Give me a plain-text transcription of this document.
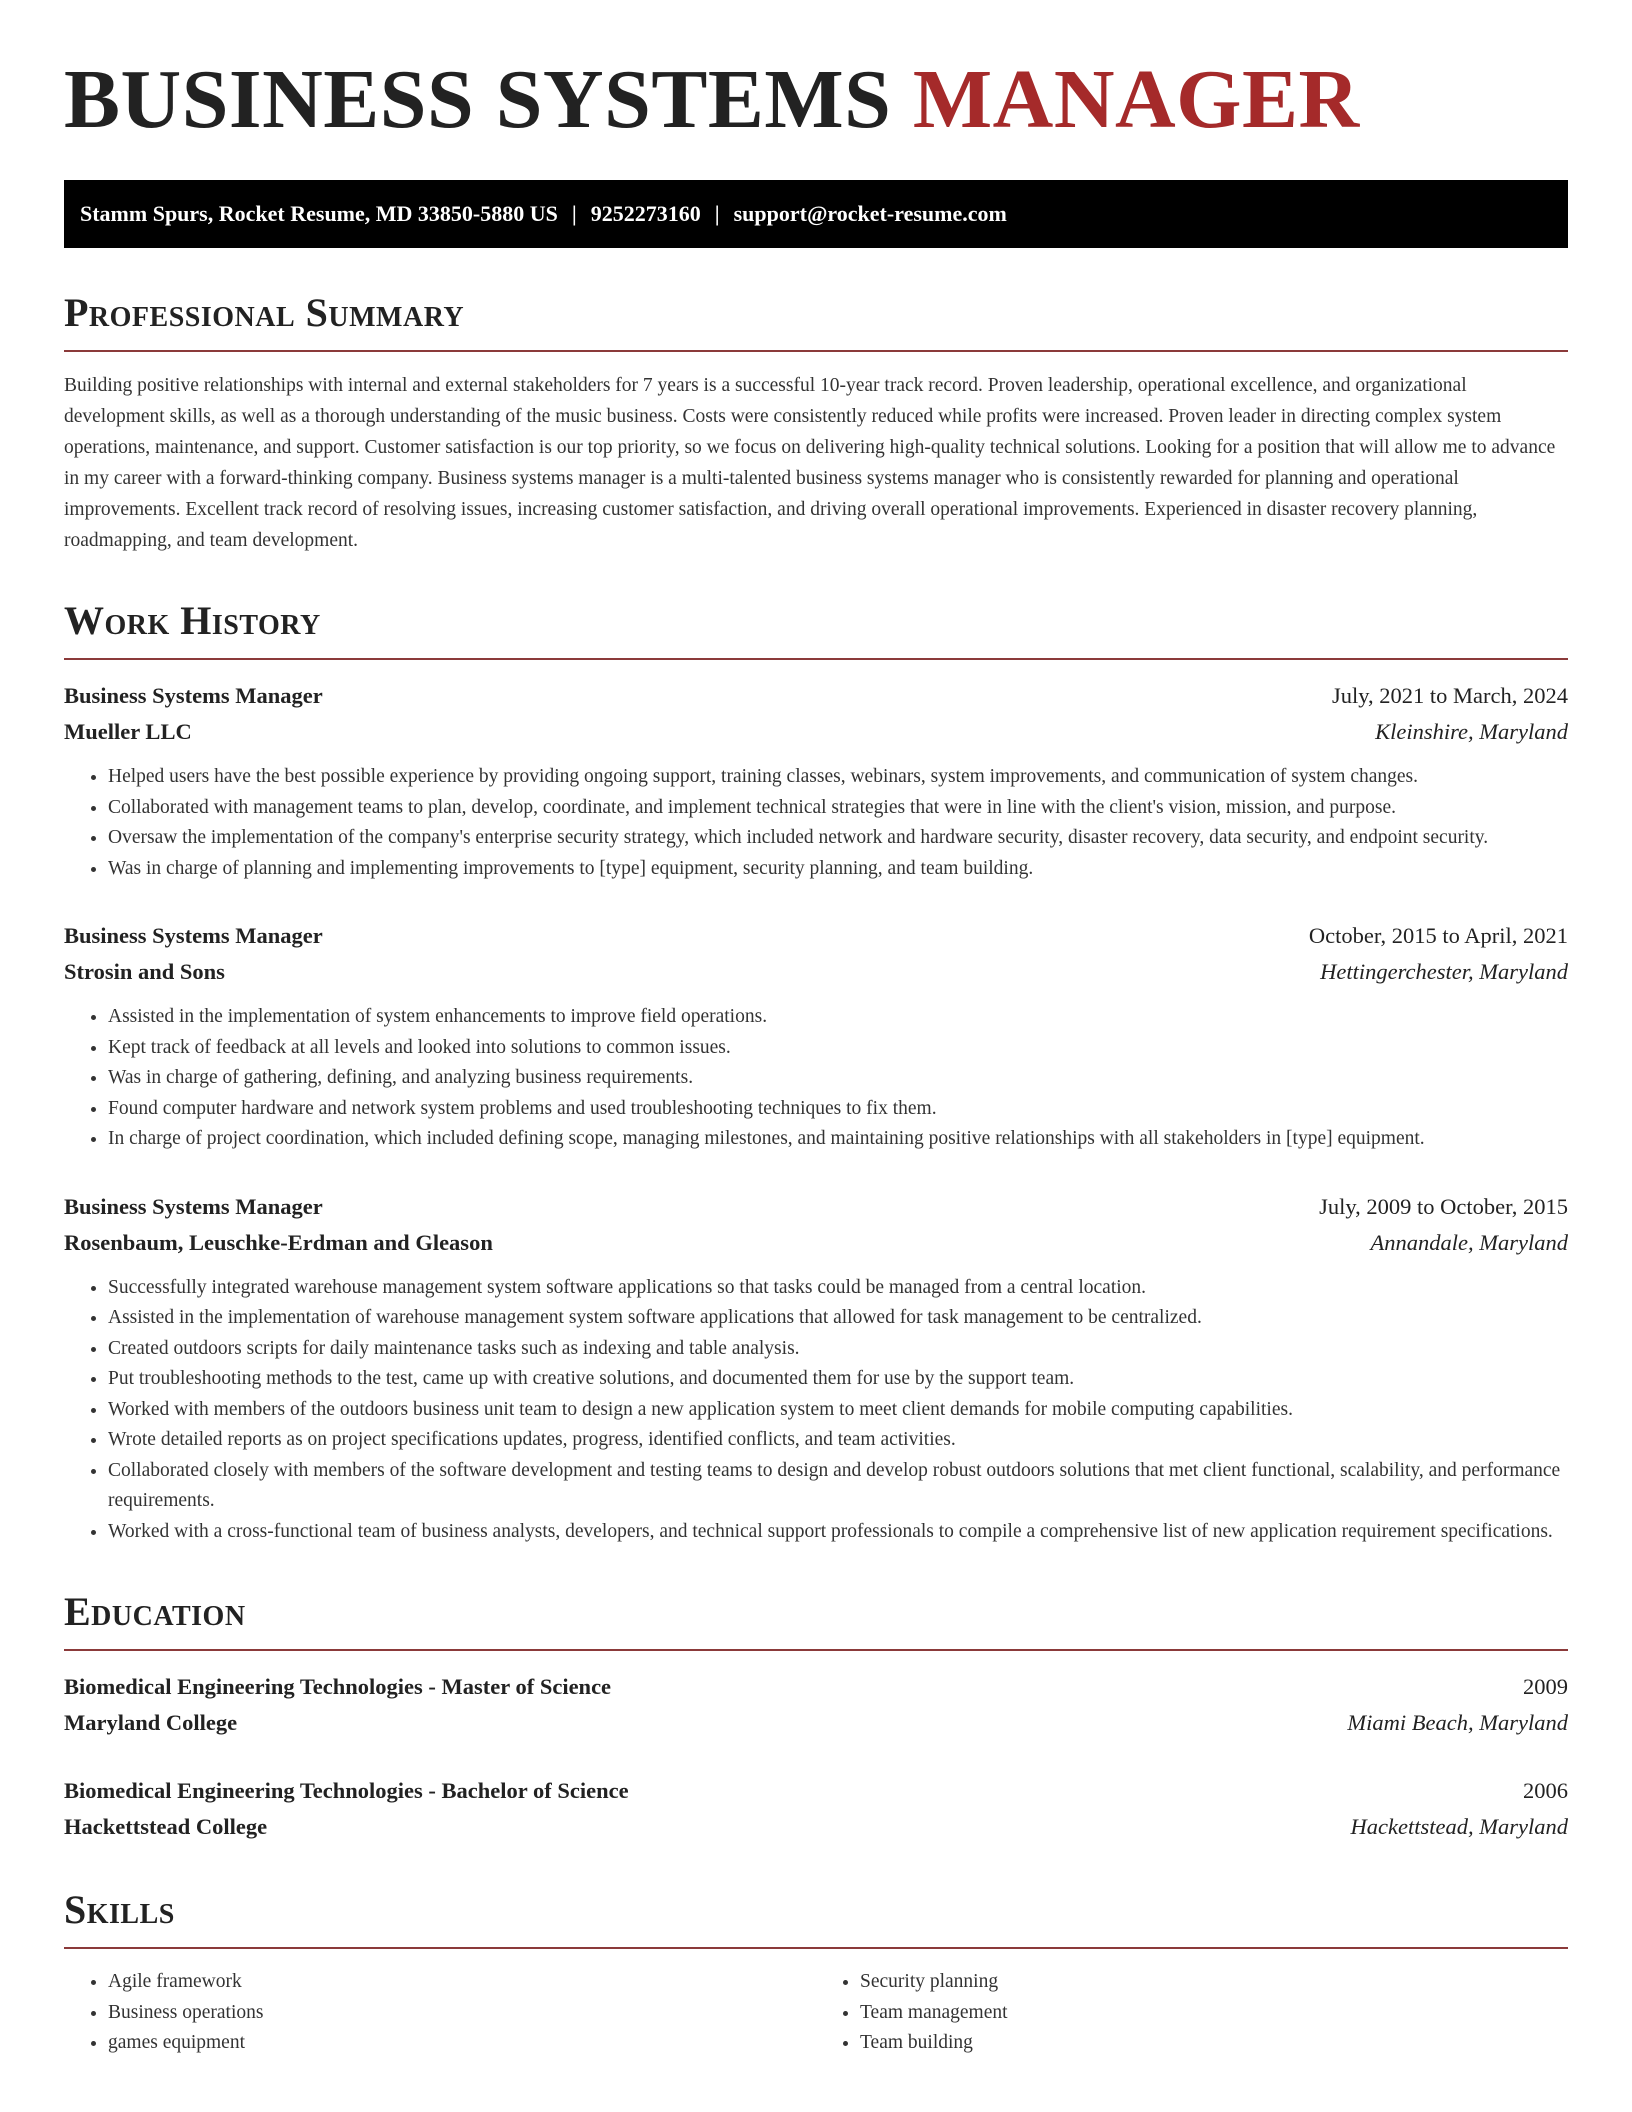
BUSINESS SYSTEMS MANAGER
Stamm Spurs, Rocket Resume, MD 33850-5880 US | 9252273160 | support@rocket-resume.com
Professional Summary

Building positive relationships with internal and external stakeholders for 7 years is a successful 10-year track record. Proven leadership, operational excellence, and organizational development skills, as well as a thorough understanding of the music business. Costs were consistently reduced while profits were increased. Proven leader in directing complex system operations, maintenance, and support. Customer satisfaction is our top priority, so we focus on delivering high-quality technical solutions. Looking for a position that will allow me to advance in my career with a forward-thinking company. Business systems manager is a multi-talented business systems manager who is consistently rewarded for planning and operational improvements. Excellent track record of resolving issues, increasing customer satisfaction, and driving overall operational improvements. Experienced in disaster recovery planning, roadmapping, and team development.

Work History
Business Systems Manager	July, 2021 to March, 2024
Mueller LLC	Kleinshire, Maryland
• Helped users have the best possible experience by providing ongoing support, training classes, webinars, system improvements, and communication of system changes.
• Collaborated with management teams to plan, develop, coordinate, and implement technical strategies that were in line with the client's vision, mission, and purpose.
• Oversaw the implementation of the company's enterprise security strategy, which included network and hardware security, disaster recovery, data security, and endpoint security.
• Was in charge of planning and implementing improvements to [type] equipment, security planning, and team building.
Business Systems Manager	October, 2015 to April, 2021
Strosin and Sons	Hettingerchester, Maryland
• Assisted in the implementation of system enhancements to improve field operations.
• Kept track of feedback at all levels and looked into solutions to common issues.
• Was in charge of gathering, defining, and analyzing business requirements.
• Found computer hardware and network system problems and used troubleshooting techniques to fix them.
• In charge of project coordination, which included defining scope, managing milestones, and maintaining positive relationships with all stakeholders in [type] equipment.
Business Systems Manager	July, 2009 to October, 2015
Rosenbaum, Leuschke-Erdman and Gleason	Annandale, Maryland
• Successfully integrated warehouse management system software applications so that tasks could be managed from a central location.
• Assisted in the implementation of warehouse management system software applications that allowed for task management to be centralized.
• Created outdoors scripts for daily maintenance tasks such as indexing and table analysis.
• Put troubleshooting methods to the test, came up with creative solutions, and documented them for use by the support team.
• Worked with members of the outdoors business unit team to design a new application system to meet client demands for mobile computing capabilities.
• Wrote detailed reports as on project specifications updates, progress, identified conflicts, and team activities.
• Collaborated closely with members of the software development and testing teams to design and develop robust outdoors solutions that met client functional, scalability, and performance requirements.
• Worked with a cross-functional team of business analysts, developers, and technical support professionals to compile a comprehensive list of new application requirement specifications.
Education
Biomedical Engineering Technologies - Master of Science	2009
Maryland College	Miami Beach, Maryland
Biomedical Engineering Technologies - Bachelor of Science	2006
Hackettstead College	Hackettstead, Maryland
Skills
• Agile framework
• Business operations
• games equipment
• Security planning
• Team management
• Team building
